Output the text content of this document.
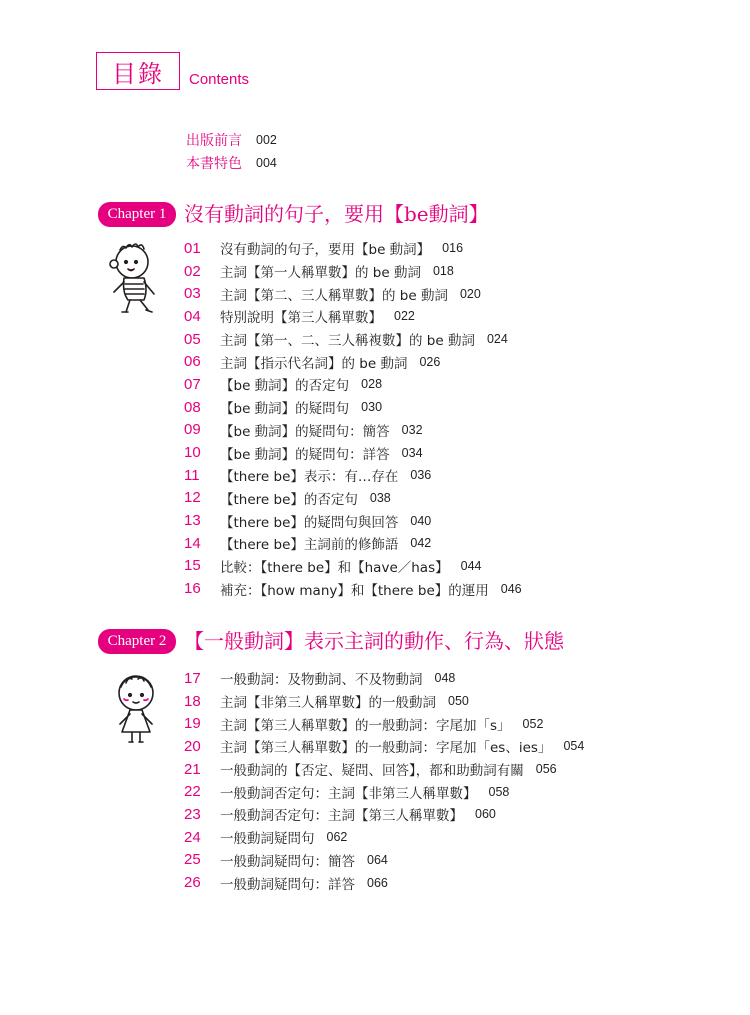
目錄	Contents
出版前言 002
本書特色 004
Chapter 1 沒有動詞的句子，要用【be動詞】
01	沒有動詞的句子，要用【be 動詞】 016
02	主詞【第一人稱單數】的 be 動詞 018
03	主詞【第二、三人稱單數】的 be 動詞 020
04	特別說明【第三人稱單數】 022
05	主詞【第一、二、三人稱複數】的 be 動詞 024
06	主詞【指示代名詞】的 be 動詞 026
07	【be 動詞】的否定句 028
08	【be 動詞】的疑問句 030
09	【be 動詞】的疑問句：簡答 032
10	【be 動詞】的疑問句：詳答 034
11	【there be】表示：有…存在 036
12	【there be】的否定句 038
13	【there be】的疑問句與回答 040
14	【there be】主詞前的修飾語 042
15	比較：【there be】和【have／has】 044
16	補充：【how many】和【there be】的運用 046
Chapter 2 【一般動詞】表示主詞的動作、行為、狀態
17	一般動詞：及物動詞、不及物動詞 048
18	主詞【非第三人稱單數】的一般動詞 050
19	主詞【第三人稱單數】的一般動詞：字尾加「s」 052
20	主詞【第三人稱單數】的一般動詞：字尾加「es、ies」 054
21	一般動詞的【否定、疑問、回答】，都和助動詞有關 056
22	一般動詞否定句：主詞【非第三人稱單數】 058
23	一般動詞否定句：主詞【第三人稱單數】 060
24	一般動詞疑問句 062
25	一般動詞疑問句：簡答 064
26	一般動詞疑問句：詳答 066
